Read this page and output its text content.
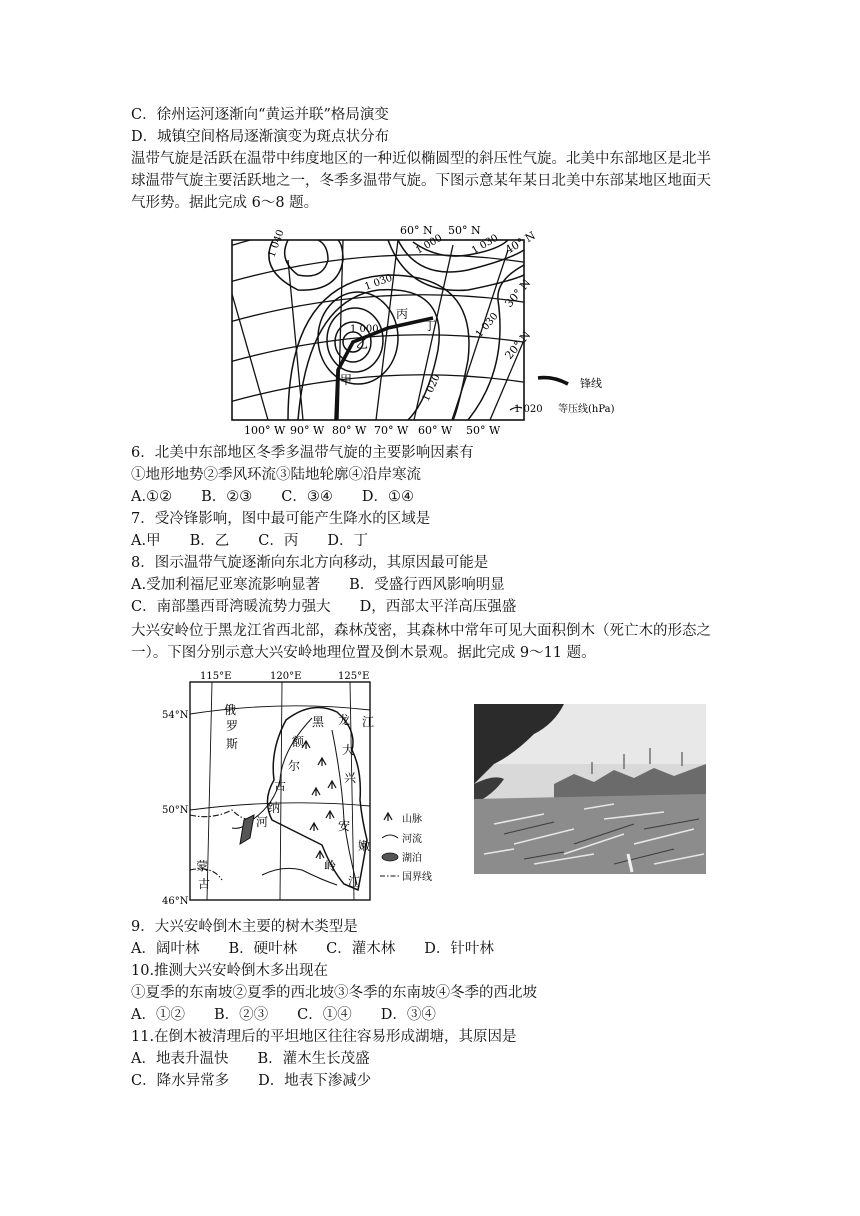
C．徐州运河逐渐向“黄运并联”格局演变
D．城镇空间格局逐渐演变为斑点状分布
温带气旋是活跃在温带中纬度地区的一种近似椭圆型的斜压性气旋。北美中东部地区是北半
球温带气旋主要活跃地之一，冬季多温带气旋。下图示意某年某日北美中东部某地区地面天
气形势。据此完成 6～8 题。
60° N 50° N 40° N
30° N
20° N
100° W 90° W 80° W 70° W 60° W 50° W
1 040	1 000	1 030
1 030
1 000	1 030
1 020
甲
乙
丙
丁
锋线
1 020 等压线(hPa)
6．北美中东部地区冬季多温带气旋的主要影响因素有
①地形地势②季风环流③陆地轮廓④沿岸寒流
A.①②　　B．②③　　C．③④　　D．①④
7．受冷锋影响，图中最可能产生降水的区域是
A.甲　　B．乙　　C．丙　　D．丁
8．图示温带气旋逐渐向东北方向移动，其原因最可能是
A.受加利福尼亚寒流影响显著　　B．受盛行西风影响明显
C．南部墨西哥湾暖流势力强大　　D，西部太平洋高压强盛
大兴安岭位于黑龙江省西北部，森林茂密，其森林中常年可见大面积倒木（死亡木的形态之
一）。下图分别示意大兴安岭地理位置及倒木景观。据此完成 9～11 题。
115°E	120°E	125°E
54°N
50°N
46°N
俄
罗
斯
黑 龙 江
额
尔
古
纳
河
大
兴
安
岭
嫩
江
蒙
古
山脉
河流
湖泊
国界线
9．大兴安岭倒木主要的树木类型是
A．阔叶林　　B．硬叶林　　C．灌木林　　D．针叶林
10.推测大兴安岭倒木多出现在
①夏季的东南坡②夏季的西北坡③冬季的东南坡④冬季的西北坡
A．①②　　B．②③　　C．①④　　D．③④
11.在倒木被清理后的平坦地区往往容易形成湖塘，其原因是
A．地表升温快　　B．灌木生长茂盛
C．降水异常多　　D．地表下渗减少
